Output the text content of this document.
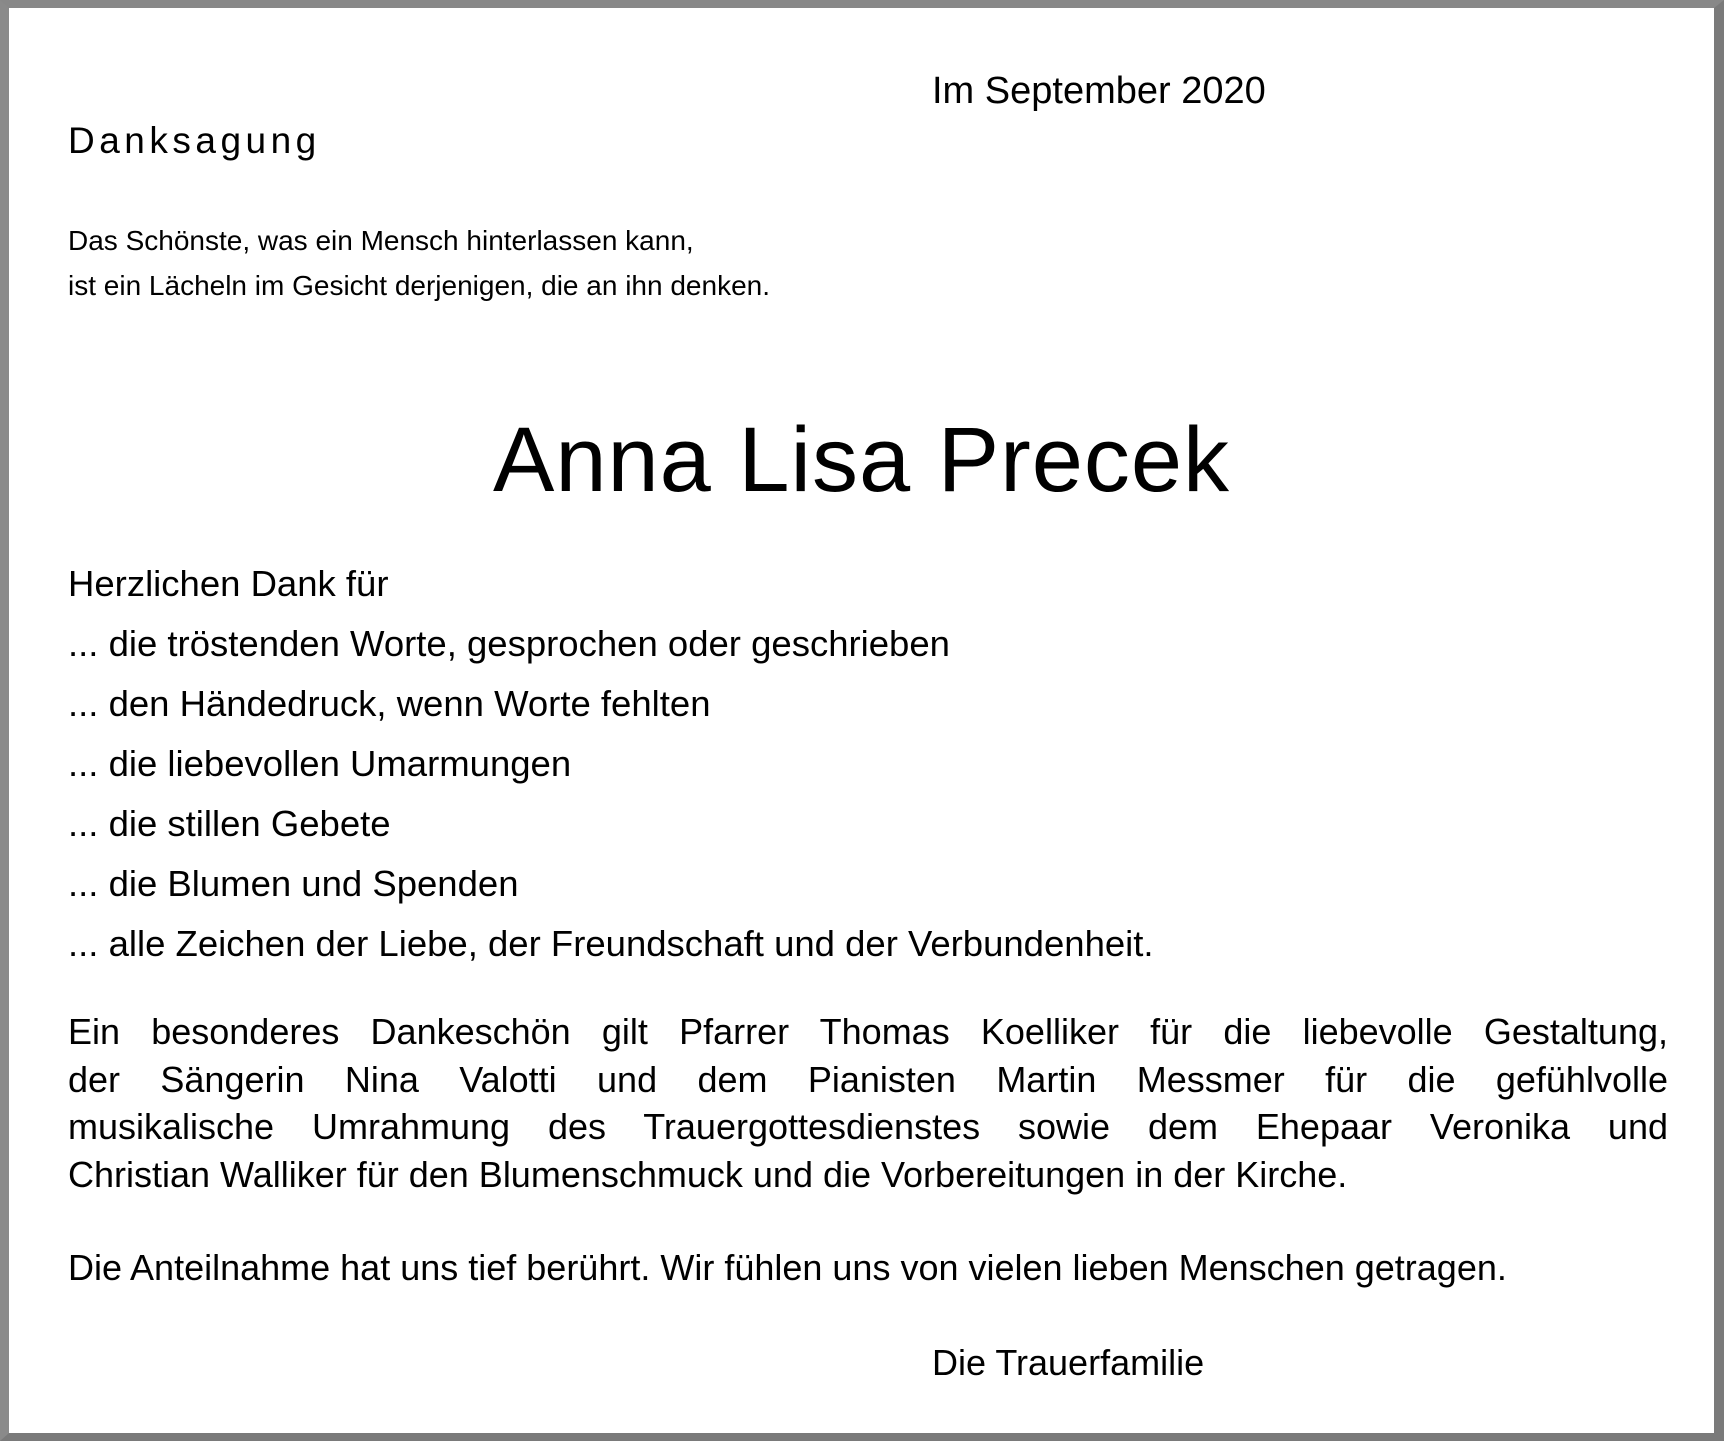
Im September 2020
Danksagung
Das Schönste, was ein Mensch hinterlassen kann,
ist ein Lächeln im Gesicht derjenigen, die an ihn denken.
Anna Lisa Precek
Herzlichen Dank für
... die tröstenden Worte, gesprochen oder geschrieben
... den Händedruck, wenn Worte fehlten
... die liebevollen Umarmungen
... die stillen Gebete
... die Blumen und Spenden
... alle Zeichen der Liebe, der Freundschaft und der Verbundenheit.
Ein besonderes Dankeschön gilt Pfarrer Thomas Koelliker für die liebevolle Gestaltung,
der Sängerin Nina Valotti und dem Pianisten Martin Messmer für die gefühlvolle
musikalische Umrahmung des Trauergottesdienstes sowie dem Ehepaar Veronika und
Christian Walliker für den Blumenschmuck und die Vorbereitungen in der Kirche.
Die Anteilnahme hat uns tief berührt. Wir fühlen uns von vielen lieben Menschen getragen.
Die Trauerfamilie
